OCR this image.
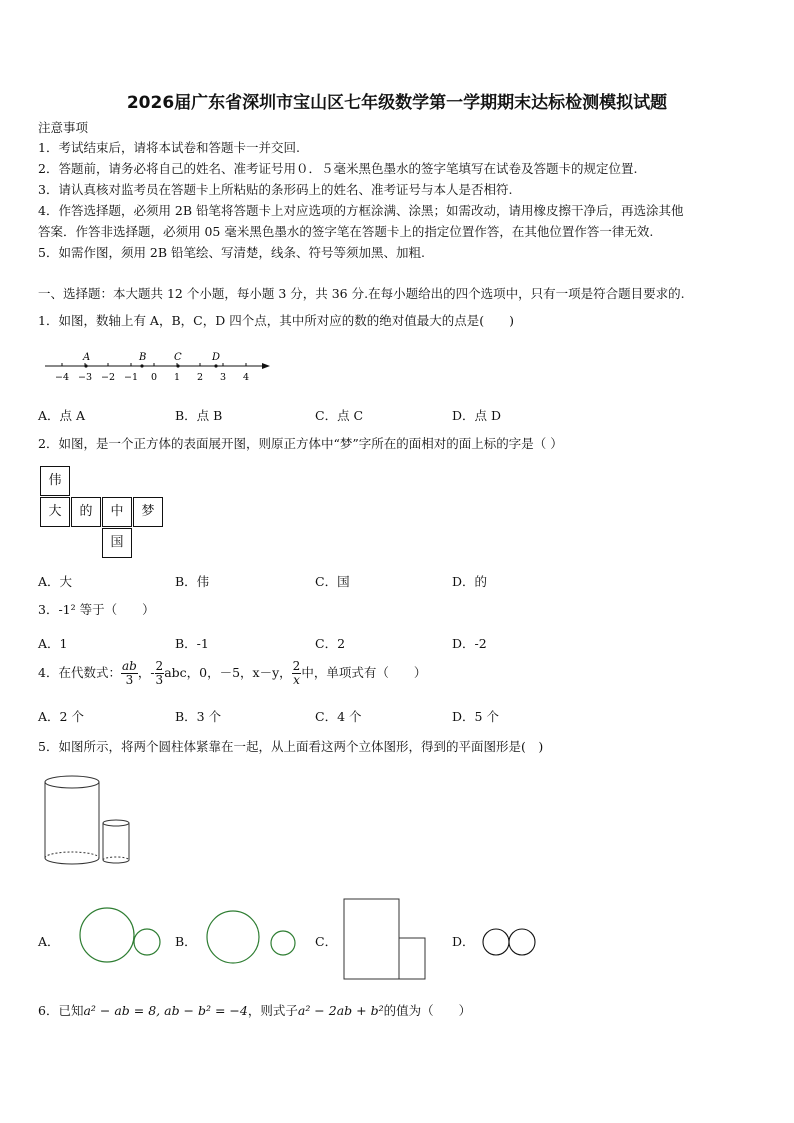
2026届广东省深圳市宝山区七年级数学第一学期期末达标检测模拟试题
注意事项
1．考试结束后，请将本试卷和答题卡一并交回.
2．答题前，请务必将自己的姓名、准考证号用０．５毫米黑色墨水的签字笔填写在试卷及答题卡的规定位置.
3．请认真核对监考员在答题卡上所粘贴的条形码上的姓名、准考证号与本人是否相符.
4．作答选择题，必须用 2B 铅笔将答题卡上对应选项的方框涂满、涂黑；如需改动，请用橡皮擦干净后，再选涂其他
答案．作答非选择题，必须用 05 毫米黑色墨水的签字笔在答题卡上的指定位置作答，在其他位置作答一律无效.
5．如需作图，须用 2B 铅笔绘、写清楚，线条、符号等须加黑、加粗.
一、选择题：本大题共 12 个小题，每小题 3 分，共 36 分.在每小题给出的四个选项中，只有一项是符合题目要求的.
1．如图，数轴上有 A，B，C，D 四个点，其中所对应的数的绝对值最大的点是(　　)
A	B	C	D
−4 −3 −2 −1 0 1 2 3 4
A．点 A	B．点 B	C．点 C	D．点 D
2．如图，是一个正方体的表面展开图，则原正方体中“梦”字所在的面相对的面上标的字是（ ）
伟
大	的	中	梦
国
A．大	B．伟	C．国	D．的
3．-1² 等于（　　）
A．1	B．-1	C．2	D．-2
4．在代数式： $\frac{ab}{3}$ ，- $\frac{2}{3}$ abc，0，－5，x－y， $\frac{2}{x}$ 中，单项式有（　　）
A．2 个	B．3 个	C．4 个	D．5 个
5．如图所示，将两个圆柱体紧靠在一起，从上面看这两个立体图形，得到的平面图形是(　)
A．	B．	C．	D．
6．已知a² − ab = 8, ab − b² = −4，则式子a² − 2ab + b²的值为（　　）
